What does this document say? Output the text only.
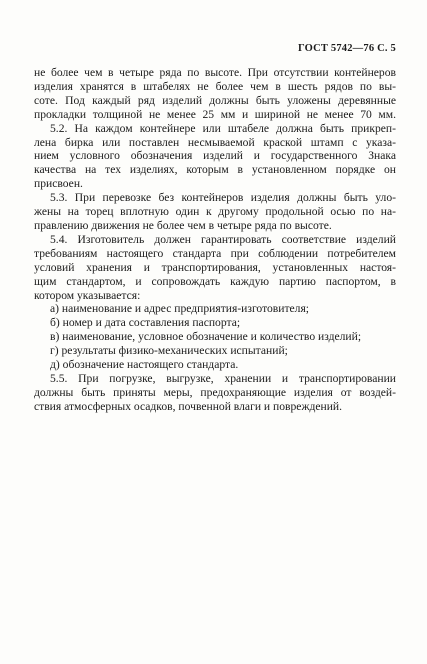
ГОСТ 5742—76 С. 5
не более чем в четыре ряда по высоте. При отсутствии контейнеров
изделия хранятся в штабелях не более чем в шесть рядов по вы-
соте. Под каждый ряд изделий должны быть уложены деревянные
прокладки толщиной не менее 25 мм и шириной не менее 70 мм.
5.2. На каждом контейнере или штабеле должна быть прикреп-
лена бирка или поставлен несмываемой краской штамп с указа-
нием условного обозначения изделий и государственного Знака
качества на тех изделиях, которым в установленном порядке он
присвоен.
5.3. При перевозке без контейнеров изделия должны быть уло-
жены на торец вплотную один к другому продольной осью по на-
правлению движения не более чем в четыре ряда по высоте.
5.4. Изготовитель должен гарантировать соответствие изделий
требованиям настоящего стандарта при соблюдении потребителем
условий хранения и транспортирования, установленных настоя-
щим стандартом, и сопровождать каждую партию паспортом, в
котором указывается:
а) наименование и адрес предприятия-изготовителя;
б) номер и дата составления паспорта;
в) наименование, условное обозначение и количество изделий;
г) результаты физико-механических испытаний;
д) обозначение настоящего стандарта.
5.5. При погрузке, выгрузке, хранении и транспортировании
должны быть приняты меры, предохраняющие изделия от воздей-
ствия атмосферных осадков, почвенной влаги и повреждений.
